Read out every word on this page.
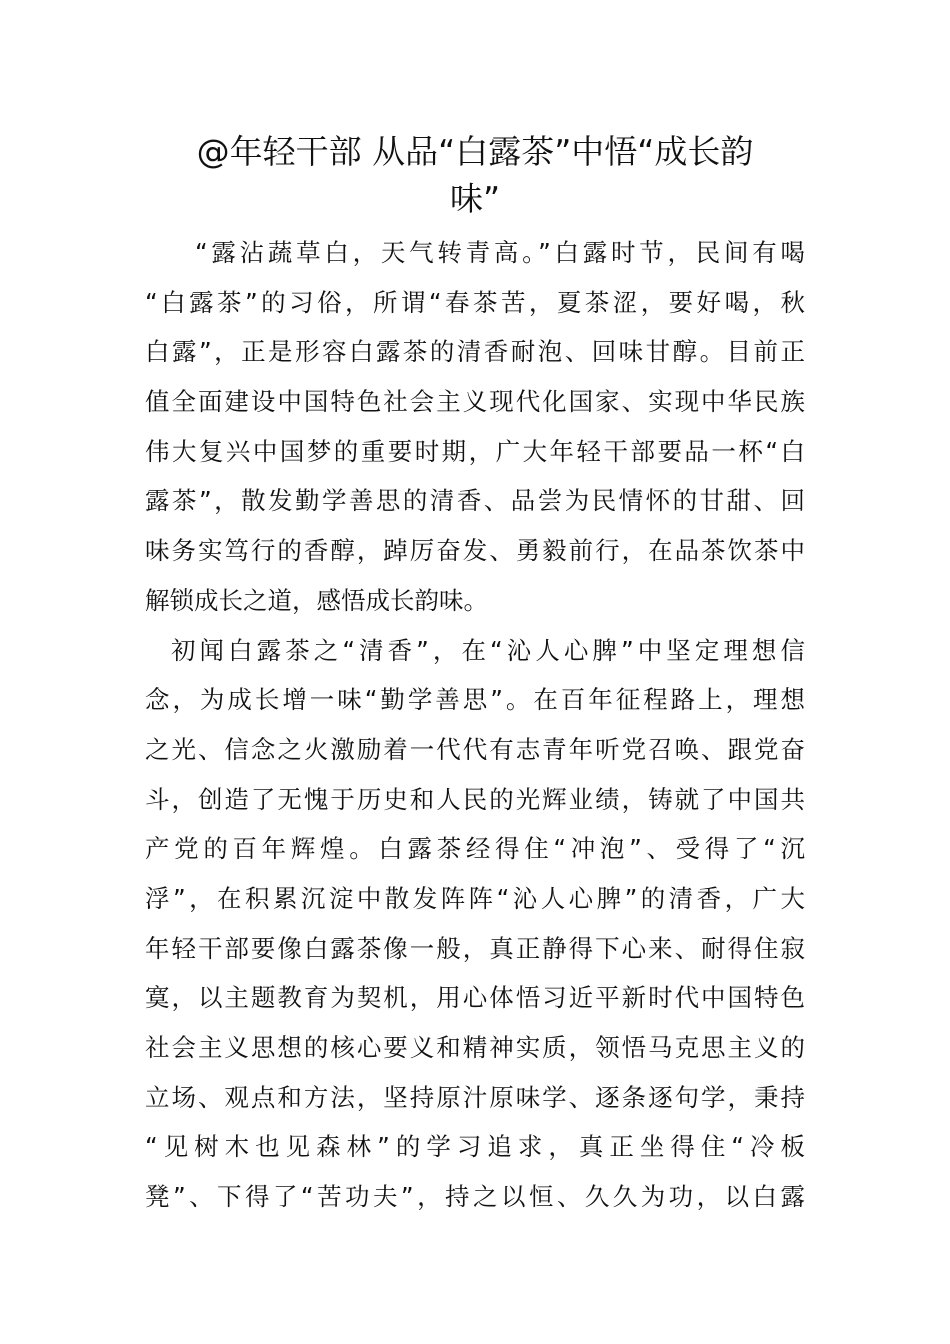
@年轻干部 从品“白露茶”中悟“成长韵
味”
“露沾蔬草白，天气转青高。”白露时节，民间有喝
“白露茶”的习俗，所谓“春茶苦，夏茶涩，要好喝，秋
白露”，正是形容白露茶的清香耐泡、回味甘醇。目前正
值全面建设中国特色社会主义现代化国家、实现中华民族
伟大复兴中国梦的重要时期，广大年轻干部要品一杯“白
露茶”，散发勤学善思的清香、品尝为民情怀的甘甜、回
味务实笃行的香醇，踔厉奋发、勇毅前行，在品茶饮茶中
解锁成长之道，感悟成长韵味。
初闻白露茶之“清香”，在“沁人心脾”中坚定理想信
念，为成长增一味“勤学善思”。在百年征程路上，理想
之光、信念之火激励着一代代有志青年听党召唤、跟党奋
斗，创造了无愧于历史和人民的光辉业绩，铸就了中国共
产党的百年辉煌。白露茶经得住“冲泡”、受得了“沉
浮”，在积累沉淀中散发阵阵“沁人心脾”的清香，广大
年轻干部要像白露茶像一般，真正静得下心来、耐得住寂
寞，以主题教育为契机，用心体悟习近平新时代中国特色
社会主义思想的核心要义和精神实质，领悟马克思主义的
立场、观点和方法，坚持原汁原味学、逐条逐句学，秉持
“见树木也见森林”的学习追求，真正坐得住“冷板
凳”、下得了“苦功夫”，持之以恒、久久为功，以白露
